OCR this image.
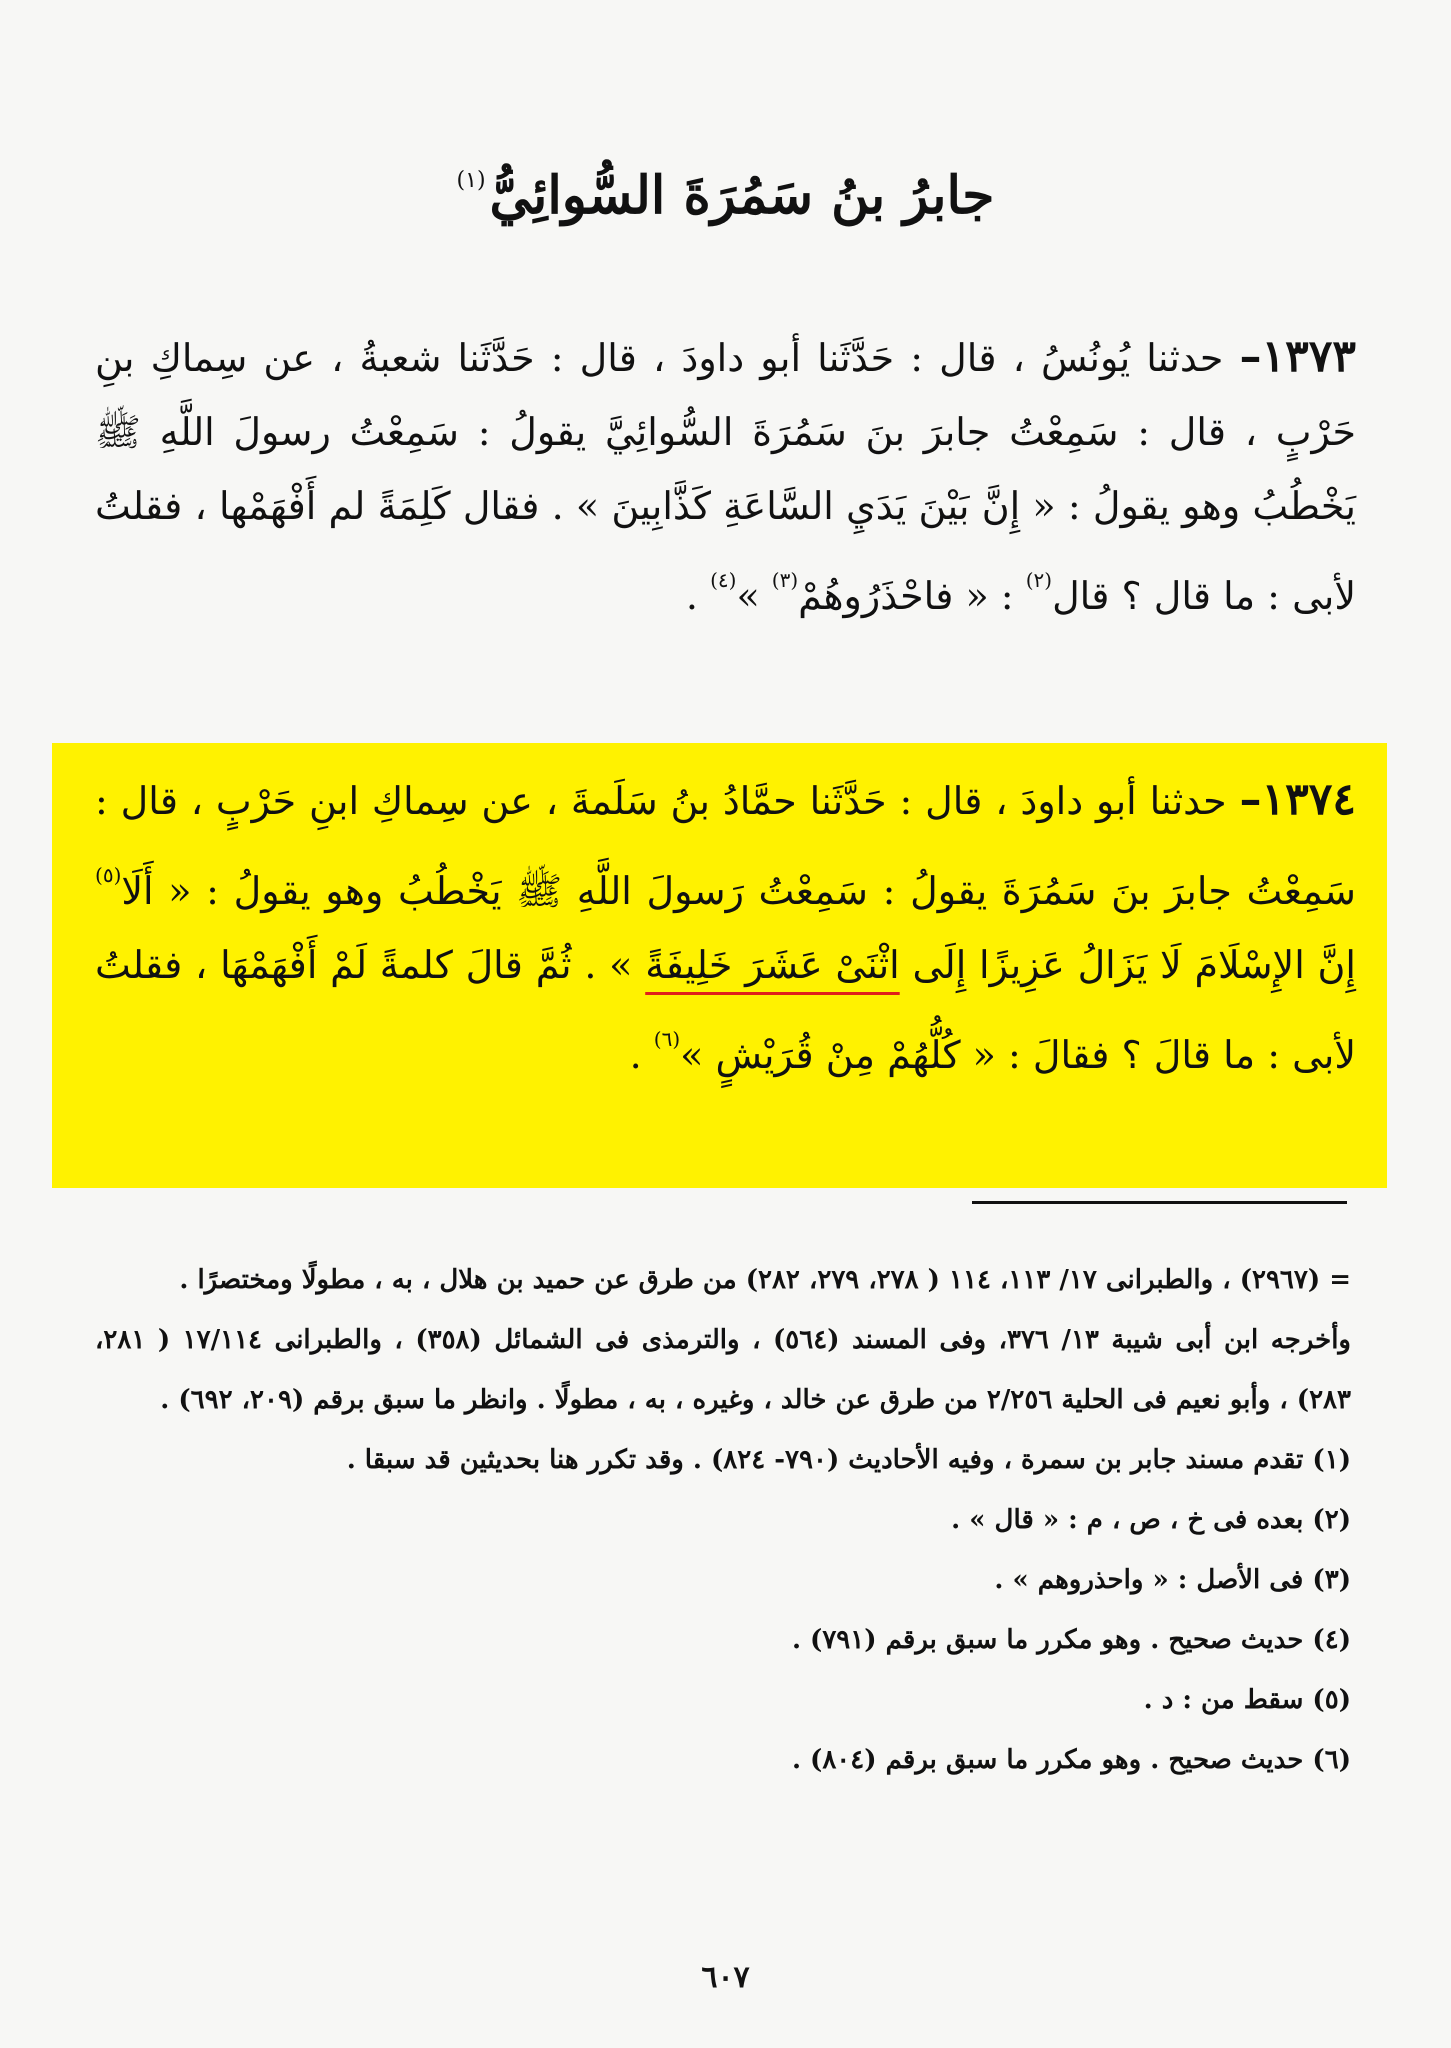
جابرُ بنُ سَمُرَةَ السُّوائِيُّ$^{(١)}$
١٣٧٣– حدثنا يُونُسُ ، قال : حَدَّثَنا أبو داودَ ، قال : حَدَّثَنا شعبةُ ، عن سِماكِ بنِ حَرْبٍ ، قال : سَمِعْتُ جابرَ بنَ سَمُرَةَ السُّوائِيَّ يقولُ : سَمِعْتُ رسولَ اللَّهِ ﷺ يَخْطُبُ وهو يقولُ : « إِنَّ بَيْنَ يَدَيِ السَّاعَةِ كَذَّابِينَ » . فقال كَلِمَةً لم أَفْهَمْها ، فقلتُ لأبى : ما قال ؟ قال$^{(٢)}$ : « فاحْذَرُوهُمْ$^{(٣)}$ »$^{(٤)}$ .
١٣٧٤– حدثنا أبو داودَ ، قال : حَدَّثَنا حمَّادُ بنُ سَلَمةَ ، عن سِماكِ ابنِ حَرْبٍ ، قال : سَمِعْتُ جابرَ بنَ سَمُرَةَ يقولُ : سَمِعْتُ رَسولَ اللَّهِ ﷺ يَخْطُبُ وهو يقولُ : « أَلَا$^{(٥)}$ إِنَّ الإِسْلَامَ لَا يَزَالُ عَزِيزًا إِلَى اثْنَىْ عَشَرَ خَلِيفَةً » . ثُمَّ قالَ كلمةً لَمْ أَفْهَمْهَا ، فقلتُ لأبى : ما قالَ ؟ فقالَ : « كُلُّهُمْ مِنْ قُرَيْشٍ »$^{(٦)}$ .

= (٢٩٦٧) ، والطبرانى ١٧/ ١١٣، ١١٤ ( ٢٧٨، ٢٧٩، ٢٨٢) من طرق عن حميد بن هلال ، به ، مطولًا ومختصرًا .

وأخرجه ابن أبى شيبة ١٣/ ٣٧٦، وفى المسند (٥٦٤) ، والترمذى فى الشمائل (٣٥٨) ، والطبرانى ١٧/١١٤ ( ٢٨١، ٢٨٣) ، وأبو نعيم فى الحلية ٢/٢٥٦ من طرق عن خالد ، وغيره ، به ، مطولًا . وانظر ما سبق برقم (٢٠٩، ٦٩٢) .

(١) تقدم مسند جابر بن سمرة ، وفيه الأحاديث (٧٩٠- ٨٢٤) . وقد تكرر هنا بحديثين قد سبقا .

(٢) بعده فى خ ، ص ، م : « قال » .

(٣) فى الأصل : « واحذروهم » .

(٤) حديث صحيح . وهو مكرر ما سبق برقم (٧٩١) .

(٥) سقط من : د .

(٦) حديث صحيح . وهو مكرر ما سبق برقم (٨٠٤) .

٦٠٧
